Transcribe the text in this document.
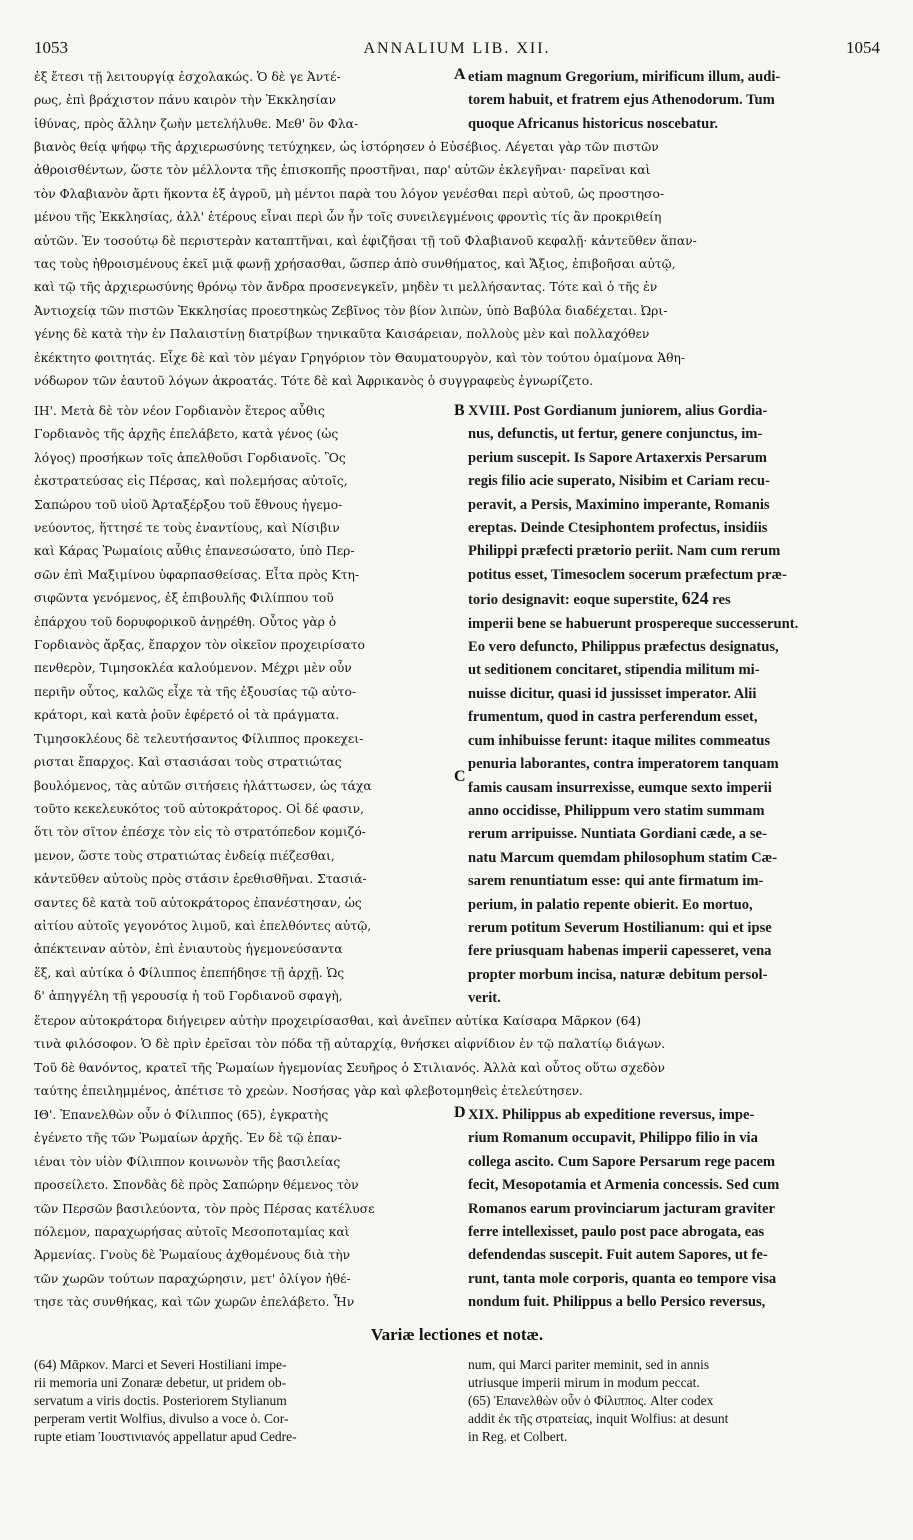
1053	ANNALIUM LIB. XII.	1054
ἐξ ἔτεσι τῇ λειτουργίᾳ ἐσχολακώς. Ὁ δὲ γε Ἀντέ-
ρως, ἐπὶ βράχιστον πάνυ καιρὸν τὴν Ἐκκλησίαν
ἰθύνας, πρὸς ἄλλην ζωὴν μετελήλυθε. Μεθ' ὃν Φλα-
A etiam magnum Gregorium, mirificum illum, audi-
torem habuit, et fratrem ejus Athenodorum. Tum
quoque Africanus historicus noscebatur.
βιανὸς θείᾳ ψήφῳ τῆς ἀρχιερωσύνης τετύχηκεν, ὡς ἱστόρησεν ὁ Εὐσέβιος. Λέγεται γὰρ τῶν πιστῶν
ἀθροισθέντων, ὥστε τὸν μέλλοντα τῆς ἐπισκοπῆς προστῆναι, παρ' αὐτῶν ἐκλεγῆναι· παρεῖναι καὶ
τὸν Φλαβιανὸν ἄρτι ἥκοντα ἐξ ἀγροῦ, μὴ μέντοι παρὰ του λόγον γενέσθαι περὶ αὐτοῦ, ὡς προστησο-
μένου τῆς Ἐκκλησίας, ἀλλ' ἑτέρους εἶναι περὶ ὧν ἦν τοῖς συνειλεγμένοις φροντὶς τίς ἂν προκριθείη
αὐτῶν. Ἐν τοσούτῳ δὲ περιστερὰν καταπτῆναι, καὶ ἐφιζῆσαι τῇ τοῦ Φλαβιανοῦ κεφαλῇ· κἀντεῦθεν ἅπαν-
τας τοὺς ἠθροισμένους ἐκεῖ μιᾷ φωνῇ χρήσασθαι, ὥσπερ ἀπὸ συνθήματος, καὶ Ἄξιος, ἐπιβοῆσαι αὐτῷ,
καὶ τῷ τῆς ἀρχιερωσύνης θρόνῳ τὸν ἄνδρα προσενεγκεῖν, μηδὲν τι μελλήσαντας. Τότε καὶ ὁ τῆς ἐν
Ἀντιοχείᾳ τῶν πιστῶν Ἐκκλησίας προεστηκὼς Ζεβῖνος τὸν βίον λιπὼν, ὑπὸ Βαβύλα διαδέχεται. Ὠρι-
γένης δὲ κατὰ τὴν ἐν Παλαιστίνῃ διατρίβων τηνικαῦτα Καισάρειαν, πολλοὺς μὲν καὶ πολλαχόθεν
ἐκέκτητο φοιτητάς. Εἶχε δὲ καὶ τὸν μέγαν Γρηγόριον τὸν Θαυματουργὸν, καὶ τὸν τούτου ὁμαίμονα Ἀθη-
νόδωρον τῶν ἑαυτοῦ λόγων ἀκροατάς. Τότε δὲ καὶ Ἀφρικανὸς ὁ συγγραφεὺς ἐγνωρίζετο.
ΙΗ'. Μετὰ δὲ τὸν νέον Γορδιανὸν ἕτερος αὖθις
Γορδιανὸς τῆς ἀρχῆς ἐπελάβετο, κατὰ γένος (ὡς
λόγος) προσήκων τοῖς ἀπελθοῦσι Γορδιανοῖς. Ὃς
ἐκστρατεύσας εἰς Πέρσας, καὶ πολεμήσας αὐτοῖς,
Σαπώρου τοῦ υἱοῦ Ἀρταξέρξου τοῦ ἔθνους ἡγεμο-
νεύοντος, ἥττησέ τε τοὺς ἐναντίους, καὶ Νίσιβιν
καὶ Κάρας Ῥωμαίοις αὖθις ἐπανεσώσατο, ὑπὸ Περ-
σῶν ἐπὶ Μαξιμίνου ὑφαρπασθείσας. Εἶτα πρὸς Κτη-
σιφῶντα γενόμενος, ἐξ ἐπιβουλῆς Φιλίππου τοῦ
ἐπάρχου τοῦ δορυφορικοῦ ἀνῃρέθη. Οὗτος γὰρ ὁ
Γορδιανὸς ἄρξας, ἔπαρχον τὸν οἰκεῖον προχειρίσατο
πενθερὸν, Τιμησοκλέα καλούμενον. Μέχρι μὲν οὖν
περιῆν οὗτος, καλῶς εἶχε τὰ τῆς ἐξουσίας τῷ αὐτο-
κράτορι, καὶ κατὰ ῥοῦν ἐφέρετό οἱ τὰ πράγματα.
Τιμησοκλέους δὲ τελευτήσαντος Φίλιππος προκεχει-
ρισται ἔπαρχος. Καὶ στασιάσαι τοὺς στρατιώτας
βουλόμενος, τὰς αὐτῶν σιτήσεις ἠλάττωσεν, ὡς τάχα
τοῦτο κεκελευκότος τοῦ αὐτοκράτορος. Οἱ δέ φασιν,
ὅτι τὸν σῖτον ἐπέσχε τὸν εἰς τὸ στρατόπεδον κομιζό-
μενον, ὥστε τοὺς στρατιώτας ἐνδείᾳ πιέζεσθαι,
κἀντεῦθεν αὐτοὺς πρὸς στάσιν ἐρεθισθῆναι. Στασιά-
σαντες δὲ κατὰ τοῦ αὐτοκράτορος ἐπανέστησαν, ὡς
αἰτίου αὐτοῖς γεγονότος λιμοῦ, καὶ ἐπελθόντες αὐτῷ,
ἀπέκτειναν αὐτὸν, ἐπὶ ἐνιαυτοὺς ἡγεμονεύσαντα
ἕξ, καὶ αὐτίκα ὁ Φίλιππος ἐπεπήδησε τῇ ἀρχῇ. Ὡς
δ' ἀπηγγέλη τῇ γερουσίᾳ ἡ τοῦ Γορδιανοῦ σφαγὴ,
B
C
XVIII. Post Gordianum juniorem, alius Gordia-
nus, defunctis, ut fertur, genere conjunctus, im-
perium suscepit. Is Sapore Artaxerxis Persarum
regis filio acie superato, Nisibim et Cariam recu-
peravit, a Persis, Maximino imperante, Romanis
ereptas. Deinde Ctesiphontem profectus, insidiis
Philippi præfecti prætorio periit. Nam cum rerum
potitus esset, Timesoclem socerum præfectum præ-
torio designavit: eoque superstite, 624 res
imperii bene se habuerunt prospereque successerunt.
Eo vero defuncto, Philippus præfectus designatus,
ut seditionem concitaret, stipendia militum mi-
nuisse dicitur, quasi id jussisset imperator. Alii
frumentum, quod in castra perferendum esset,
cum inhibuisse ferunt: itaque milites commeatus
penuria laborantes, contra imperatorem tanquam
famis causam insurrexisse, eumque sexto imperii
anno occidisse, Philippum vero statim summam
rerum arripuisse. Nuntiata Gordiani cæde, a se-
natu Marcum quemdam philosophum statim Cæ-
sarem renuntiatum esse: qui ante firmatum im-
perium, in palatio repente obierit. Eo mortuo,
rerum potitum Severum Hostilianum: qui et ipse
fere priusquam habenas imperii capesseret, vena
propter morbum incisa, naturæ debitum persol-
verit.
ἕτερον αὐτοκράτορα διήγειρεν αὐτὴν προχειρίσασθαι, καὶ ἀνεῖπεν αὐτίκα Καίσαρα Μᾶρκον (64)
τινὰ φιλόσοφον. Ὁ δὲ πρὶν ἐρεῖσαι τὸν πόδα τῇ αὐταρχίᾳ, θνήσκει αἰφνίδιον ἐν τῷ παλατίῳ διάγων.
Τοῦ δὲ θανόντος, κρατεῖ τῆς Ῥωμαίων ἡγεμονίας Σευῆρος ὁ Στιλιανός. Ἀλλὰ καὶ οὗτος οὕτω σχεδὸν
ταύτης ἐπειλημμένος, ἀπέτισε τὸ χρεὼν. Νοσήσας γὰρ καὶ φλεβοτομηθεὶς ἐτελεύτησεν.
ΙΘ'. Ἐπανελθὼν οὖν ὁ Φίλιππος (65), ἐγκρατὴς
ἐγένετο τῆς τῶν Ῥωμαίων ἀρχῆς. Ἐν δὲ τῷ ἐπαν-
ιέναι τὸν υἱὸν Φίλιππον κοινωνὸν τῆς βασιλείας
προσείλετο. Σπονδὰς δὲ πρὸς Σαπώρην θέμενος τὸν
τῶν Περσῶν βασιλεύοντα, τὸν πρὸς Πέρσας κατέλυσε
πόλεμον, παραχωρήσας αὐτοῖς Μεσοποταμίας καὶ
Ἀρμενίας. Γνοὺς δὲ Ῥωμαίους ἀχθομένους διὰ τὴν
τῶν χωρῶν τούτων παραχώρησιν, μετ' ὀλίγον ἠθέ-
τησε τὰς συνθήκας, καὶ τῶν χωρῶν ἐπελάβετο. Ἦν
D XIX. Philippus ab expeditione reversus, impe-
rium Romanum occupavit, Philippo filio in via
collega ascito. Cum Sapore Persarum rege pacem
fecit, Mesopotamia et Armenia concessis. Sed cum
Romanos earum provinciarum jacturam graviter
ferre intellexisset, paulo post pace abrogata, eas
defendendas suscepit. Fuit autem Sapores, ut fe-
runt, tanta mole corporis, quanta eo tempore visa
nondum fuit. Philippus a bello Persico reversus,
Variæ lectiones et notæ.
(64) Μᾶρκον. Marci et Severi Hostiliani impe-
rii memoria uni Zonaræ debetur, ut pridem ob-
servatum a viris doctis. Posteriorem Stylianum
perperam vertit Wolfius, divulso a voce ὁ. Cor-
rupte etiam Ἰουστινιανός appellatur apud Cedre-
num, qui Marci pariter meminit, sed in annis
utriusque imperii mirum in modum peccat.
(65) Ἐπανελθὼν οὖν ὁ Φίλιππος. Alter codex
addit ἐκ τῆς στρατείας, inquit Wolfius: at desunt
in Reg. et Colbert.
